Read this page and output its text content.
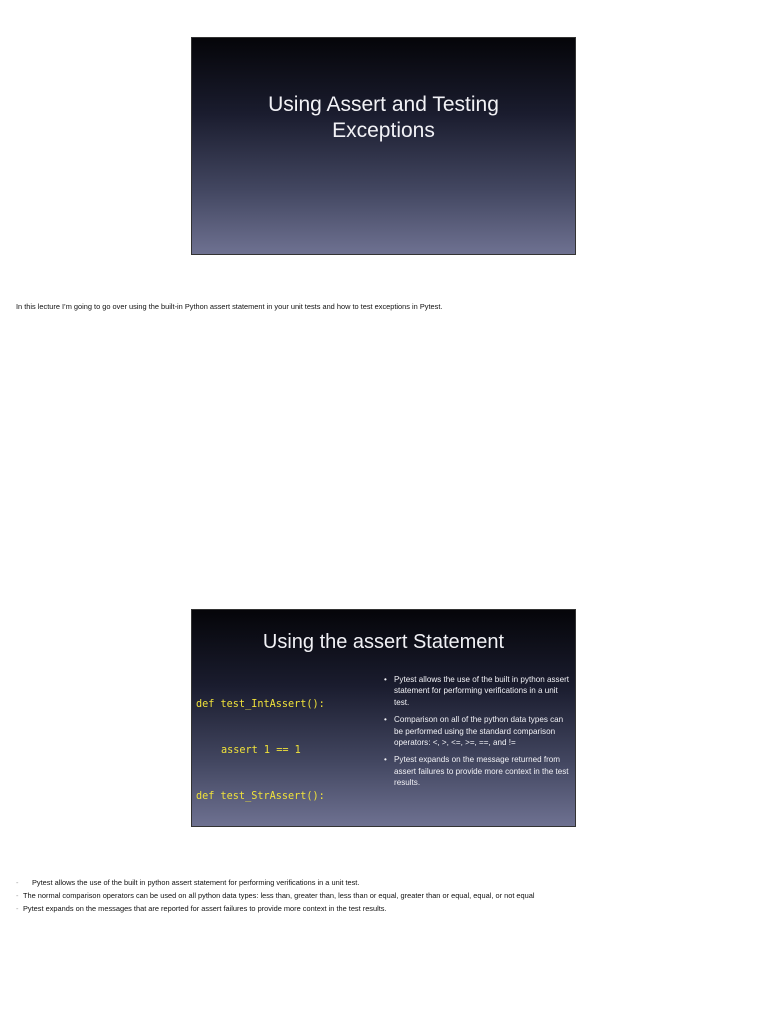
Using Assert and Testing Exceptions
In this lecture I’m going to go over using the built-in Python assert statement in your unit tests and how to test exceptions in Pytest.
Using the assert Statement

def test_IntAssert():

assert 1 == 1

def test_StrAssert():

• Pytest allows the use of the built in python assert statement for performing verifications in a unit test.
• Comparison on all of the python data types can be performed using the standard comparison operators: <, >, <=, >=, ==, and !=
• Pytest expands on the message returned from assert failures to provide more context in the test results.
- Pytest allows the use of the built in python assert statement for performing verifications in a unit test.
- The normal comparison operators can be used on all python data types: less than, greater than, less than or equal, greater than or equal, equal, or not equal
- Pytest expands on the messages that are reported for assert failures to provide more context in the test results.
